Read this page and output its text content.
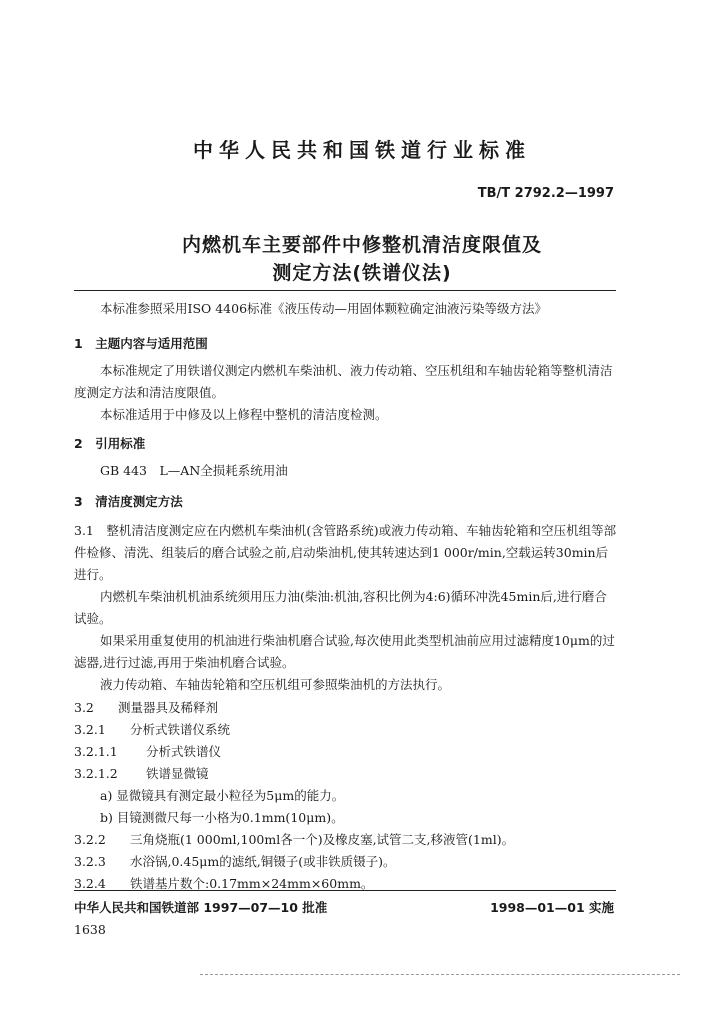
中华人民共和国铁道行业标准
TB/T 2792.2—1997
内燃机车主要部件中修整机清洁度限值及
测定方法(铁谱仪法)
本标准参照采用ISO 4406标准《液压传动—用固体颗粒确定油液污染等级方法》
1　主题内容与适用范围
本标准规定了用铁谱仪测定内燃机车柴油机、液力传动箱、空压机组和车轴齿轮箱等整机清洁度测定方法和清洁度限值。
本标准适用于中修及以上修程中整机的清洁度检测。
2　引用标准
GB 443　L—AN全损耗系统用油
3　清洁度测定方法
3.1　整机清洁度测定应在内燃机车柴油机(含管路系统)或液力传动箱、车轴齿轮箱和空压机组等部件检修、清洗、组装后的磨合试验之前,启动柴油机,使其转速达到1 000r/min,空载运转30min后进行。
内燃机车柴油机机油系统须用压力油(柴油:机油,容积比例为4:6)循环冲洗45min后,进行磨合试验。
如果采用重复使用的机油进行柴油机磨合试验,每次使用此类型机油前应用过滤精度10μm的过滤器,进行过滤,再用于柴油机磨合试验。
液力传动箱、车轴齿轮箱和空压机组可参照柴油机的方法执行。
3.2 测量器具及稀释剂
3.2.1 分析式铁谱仪系统
3.2.1.1 分析式铁谱仪
3.2.1.2 铁谱显微镜
a) 显微镜具有测定最小粒径为5μm的能力。
b) 目镜测微尺每一小格为0.1mm(10μm)。
3.2.2 三角烧瓶(1 000ml,100ml各一个)及橡皮塞,试管二支,移液管(1ml)。
3.2.3 水浴锅,0.45μm的滤纸,铜镊子(或非铁质镊子)。
3.2.4 铁谱基片数个:0.17mm×24mm×60mm。
中华人民共和国铁道部 1997—07—10 批准	1998—01—01 实施
1638
